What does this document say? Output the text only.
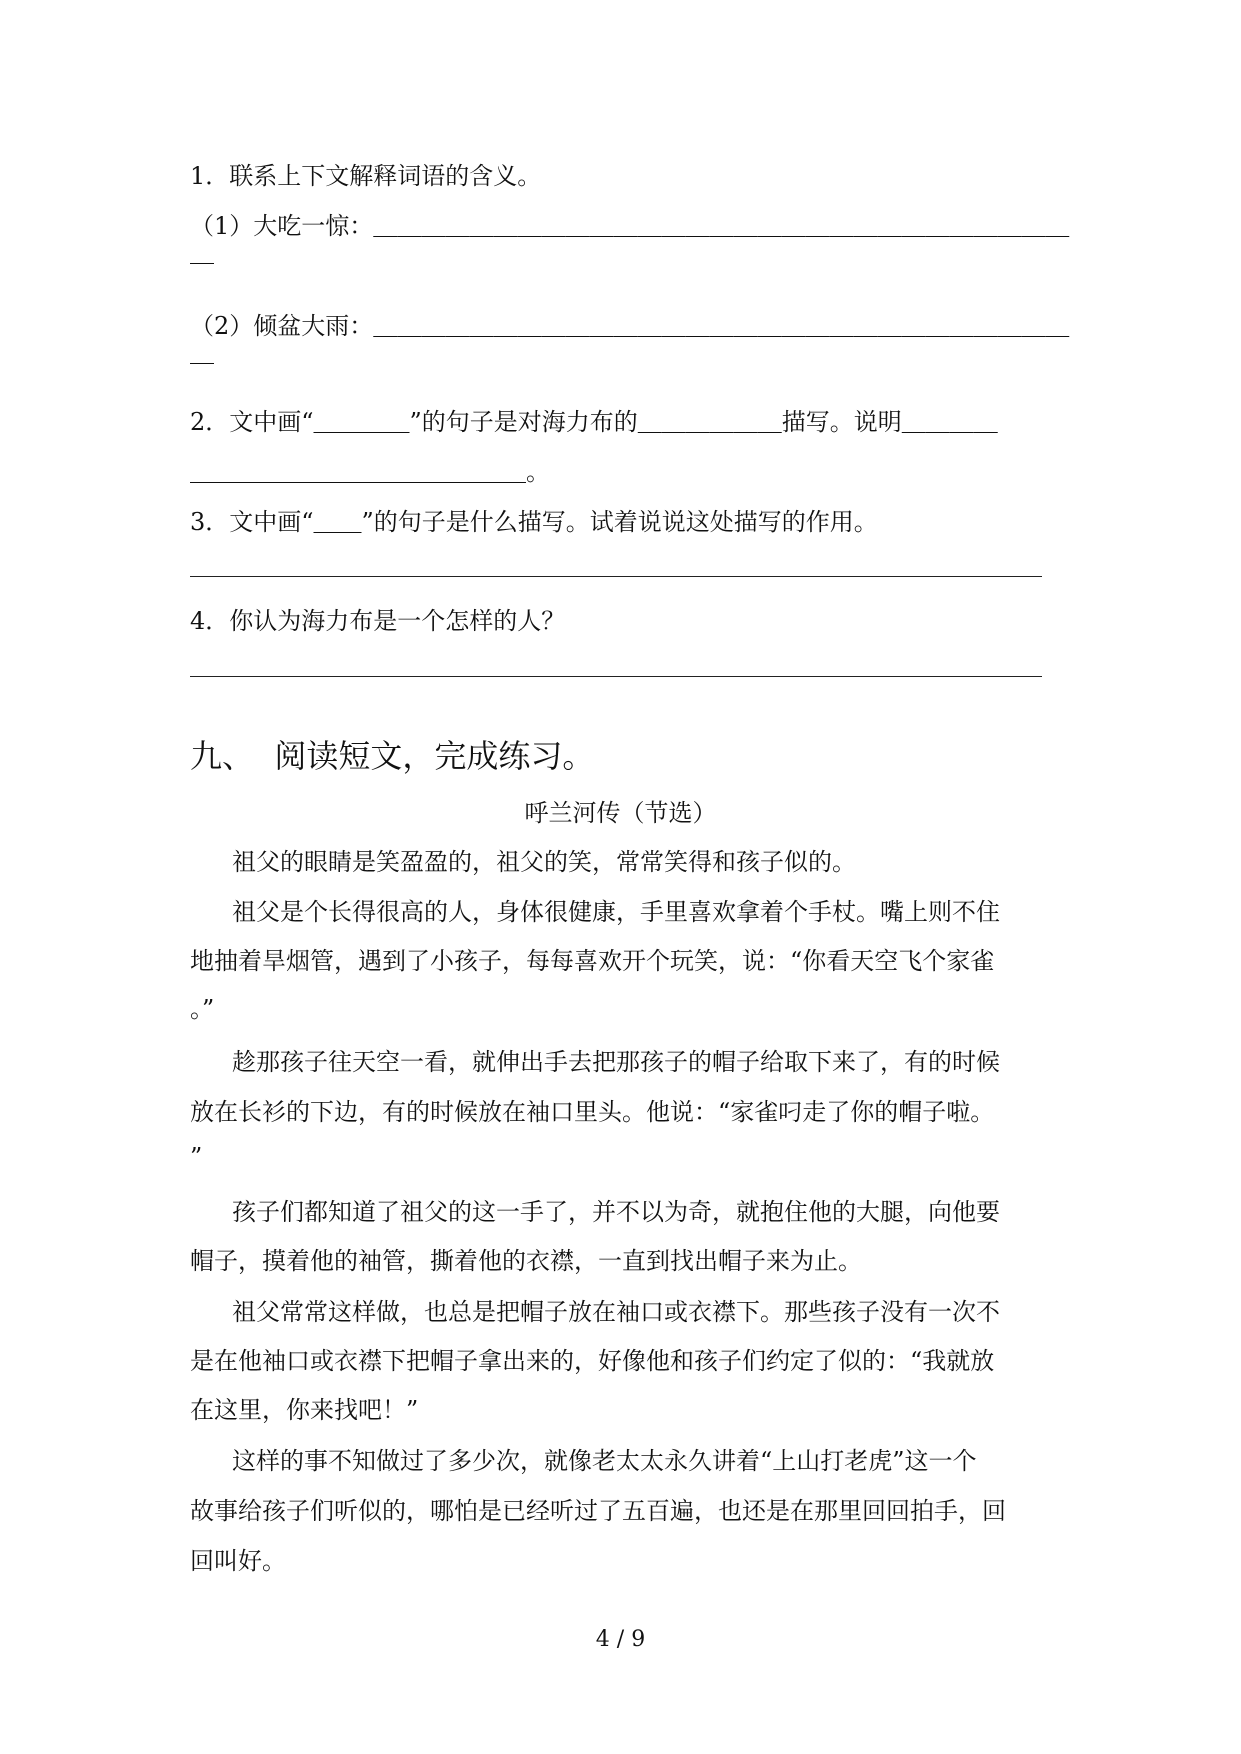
1．联系上下文解释词语的含义。
（1）大吃一惊：＿＿＿＿＿＿＿＿＿＿＿＿＿＿＿＿＿＿＿＿＿＿＿＿＿＿＿＿＿
＿
（2）倾盆大雨：＿＿＿＿＿＿＿＿＿＿＿＿＿＿＿＿＿＿＿＿＿＿＿＿＿＿＿＿＿
＿
2．文中画“＿＿＿＿”的句子是对海力布的＿＿＿＿＿＿描写。说明＿＿＿＿
＿＿＿＿＿＿＿＿＿＿＿＿＿＿。
3．文中画“＿＿”的句子是什么描写。试着说说这处描写的作用。
4．你认为海力布是一个怎样的人？
九、  阅读短文，完成练习。
呼兰河传（节选）
祖父的眼睛是笑盈盈的，祖父的笑，常常笑得和孩子似的。
祖父是个长得很高的人，身体很健康，手里喜欢拿着个手杖。嘴上则不住
地抽着旱烟管，遇到了小孩子，每每喜欢开个玩笑，说：“你看天空飞个家雀
。”
趁那孩子往天空一看，就伸出手去把那孩子的帽子给取下来了，有的时候
放在长衫的下边，有的时候放在袖口里头。他说：“家雀叼走了你的帽子啦。
”
孩子们都知道了祖父的这一手了，并不以为奇，就抱住他的大腿，向他要
帽子，摸着他的袖管，撕着他的衣襟，一直到找出帽子来为止。
祖父常常这样做，也总是把帽子放在袖口或衣襟下。那些孩子没有一次不
是在他袖口或衣襟下把帽子拿出来的，好像他和孩子们约定了似的：“我就放
在这里，你来找吧！”
这样的事不知做过了多少次，就像老太太永久讲着“上山打老虎”这一个
故事给孩子们听似的，哪怕是已经听过了五百遍，也还是在那里回回拍手，回
回叫好。
4 / 9
